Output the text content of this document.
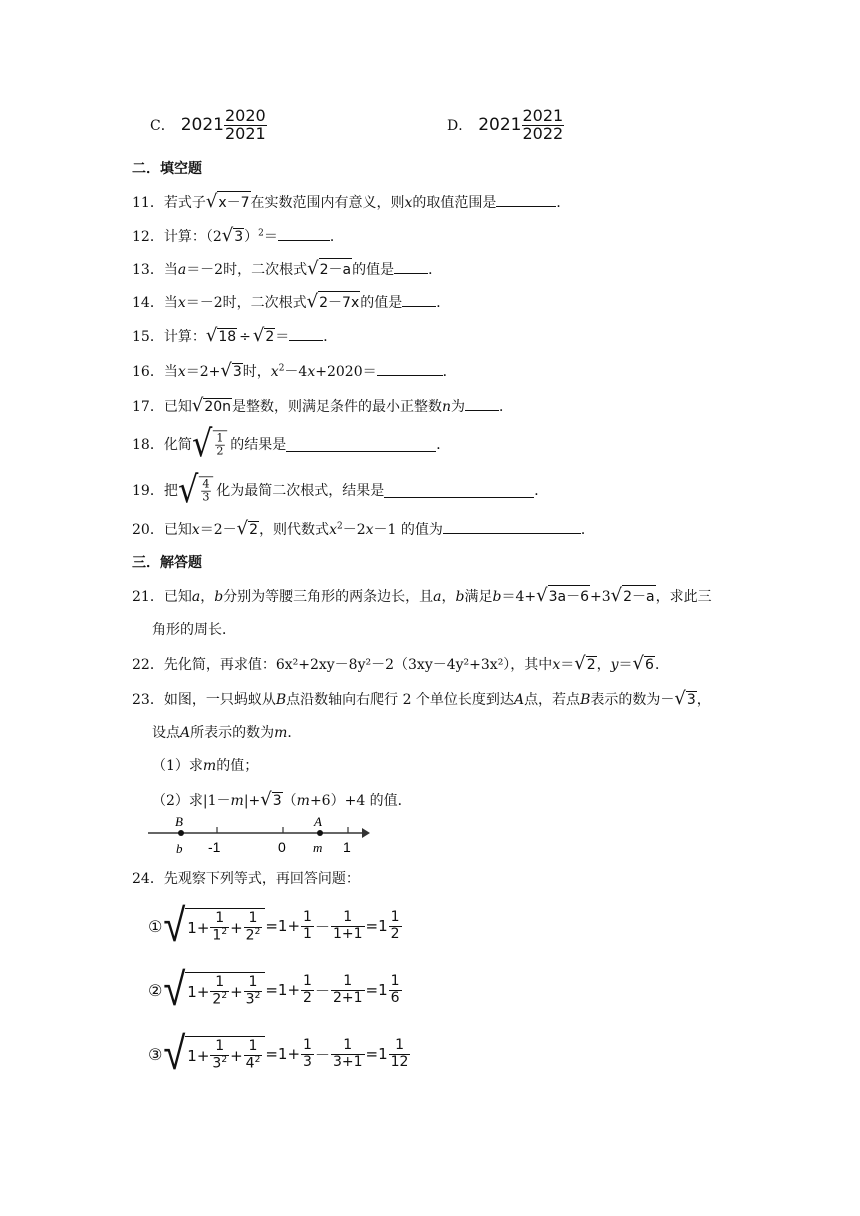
C． $2021 \frac{2020}{2021}$	D． $2021 \frac{2021}{2022}$
二．填空题
11．若式子√x－7在实数范围内有意义，则x的取值范围是	．
12．计算：$(2√3)^2=$	．
13．当a＝－2时，二次根式√2－a的值是 ．
14．当x＝－2时，二次根式√2－7x的值是 ．
15．计算：√18 ÷ √2＝ ．
16．当x＝2+√3时，$x^2-4x+2020=$	．
17．已知√20n是整数，则满足条件的最小正整数n为 ．
18． 化简 √ $\frac{1}{2}$ 的结果是	．
19． 把 √ $\frac{4}{3}$ 化为最简二次根式，结果是	．
20．已知x＝2－√2，则代数式$x^2-2x-1$ 的值为	．
三．解答题
21．已知a，b分别为等腰三角形的两条边长，且a，b满足b＝4+√3a－6+3√2－a，求此三
角形的周长．
22．先化简，再求值：6x²+2xy－8y²－2（3xy－4y²+3x²），其中x＝√2，y＝√6．
23．如图，一只蚂蚁从B点沿数轴向右爬行 2 个单位长度到达A点，若点B表示的数为－√3，
设点A所表示的数为m．
（1）求m的值；
（2）求|1－m|+√3（m+6）+4 的值．
B
b -1	0
A
m 1
24．先观察下列等式，再回答问题：
① √ $1 + \frac{1}{1^2} + \frac{1}{2^2} = 1 + \frac{1}{1} - \frac{1}{1+1} = 1 \frac{1}{2}$
② √ $1 + \frac{1}{2^2} + \frac{1}{3^2} = 1 + \frac{1}{2} - \frac{1}{2+1} = 1 \frac{1}{6}$
③ √ $1 + \frac{1}{3^2} + \frac{1}{4^2} = 1 + \frac{1}{3} - \frac{1}{3+1} = 1 \frac{1}{12}$
